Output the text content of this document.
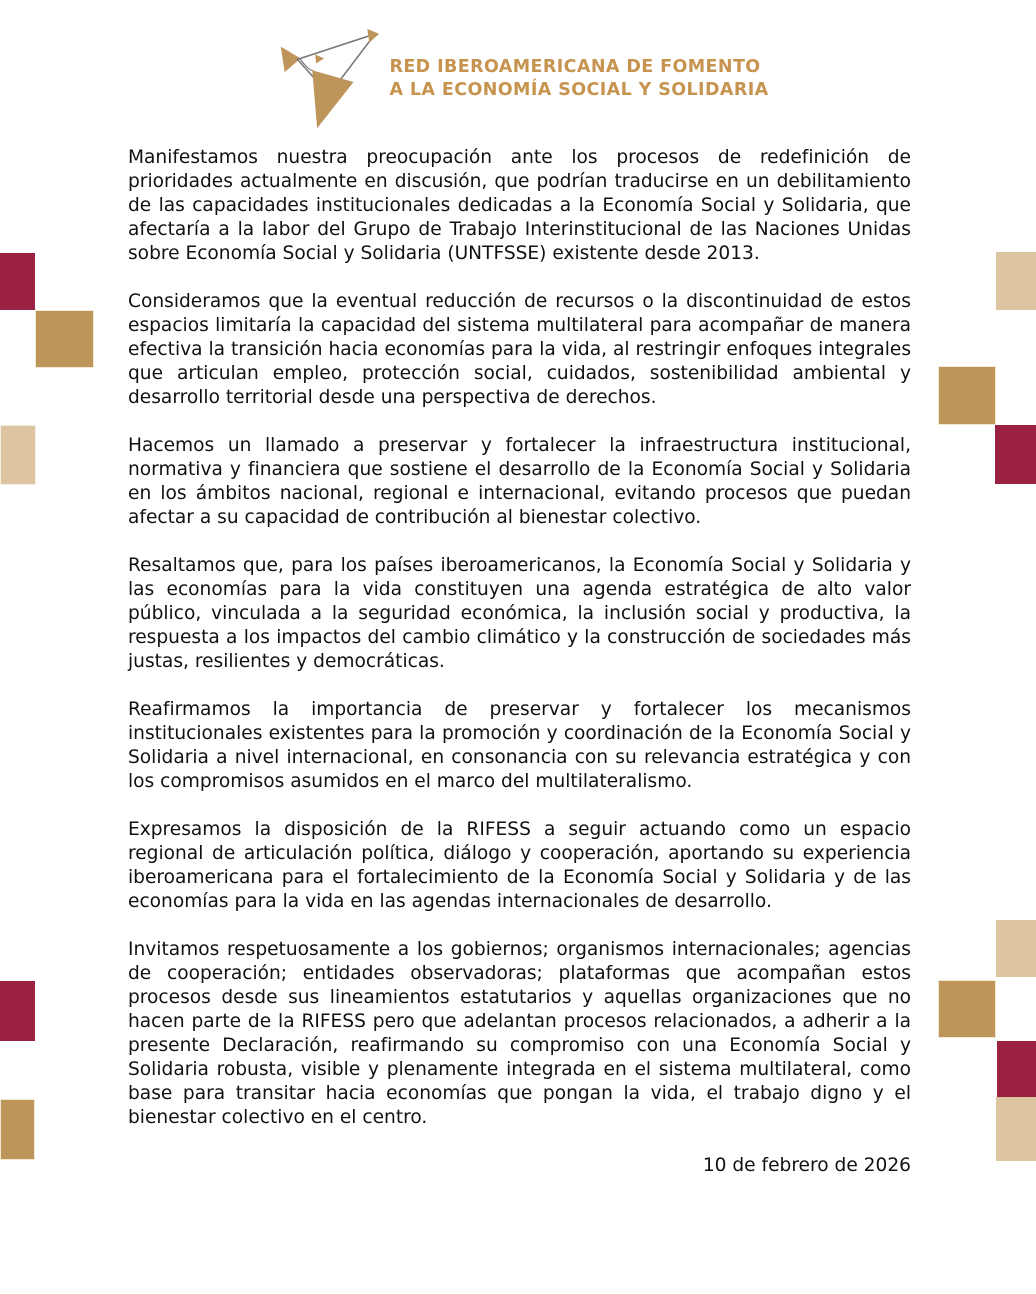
RED IBEROAMERICANA DE FOMENTO
A LA ECONOMÍA SOCIAL Y SOLIDARIA

Manifestamos nuestra preocupación ante los procesos de redefinición de prioridades actualmente en discusión, que podrían traducirse en un debilitamiento de las capacidades institucionales dedicadas a la Economía Social y Solidaria, que afectaría a la labor del Grupo de Trabajo Interinstitucional de las Naciones Unidas sobre Economía Social y Solidaria (UNTFSSE) existente desde 2013.

Consideramos que la eventual reducción de recursos o la discontinuidad de estos espacios limitaría la capacidad del sistema multilateral para acompañar de manera efectiva la transición hacia economías para la vida, al restringir enfoques integrales que articulan empleo, protección social, cuidados, sostenibilidad ambiental y desarrollo territorial desde una perspectiva de derechos.

Hacemos un llamado a preservar y fortalecer la infraestructura institucional, normativa y financiera que sostiene el desarrollo de la Economía Social y Solidaria en los ámbitos nacional, regional e internacional, evitando procesos que puedan afectar a su capacidad de contribución al bienestar colectivo.

Resaltamos que, para los países iberoamericanos, la Economía Social y Solidaria y las economías para la vida constituyen una agenda estratégica de alto valor público, vinculada a la seguridad económica, la inclusión social y productiva, la respuesta a los impactos del cambio climático y la construcción de sociedades más justas, resilientes y democráticas.

Reafirmamos la importancia de preservar y fortalecer los mecanismos institucionales existentes para la promoción y coordinación de la Economía Social y Solidaria a nivel internacional, en consonancia con su relevancia estratégica y con los compromisos asumidos en el marco del multilateralismo.

Expresamos la disposición de la RIFESS a seguir actuando como un espacio regional de articulación política, diálogo y cooperación, aportando su experiencia iberoamericana para el fortalecimiento de la Economía Social y Solidaria y de las economías para la vida en las agendas internacionales de desarrollo.

Invitamos respetuosamente a los gobiernos; organismos internacionales; agencias de cooperación; entidades observadoras; plataformas que acompañan estos procesos desde sus lineamientos estatutarios y aquellas organizaciones que no hacen parte de la RIFESS pero que adelantan procesos relacionados, a adherir a la presente Declaración, reafirmando su compromiso con una Economía Social y Solidaria robusta, visible y plenamente integrada en el sistema multilateral, como base para transitar hacia economías que pongan la vida, el trabajo digno y el bienestar colectivo en el centro.

10 de febrero de 2026
